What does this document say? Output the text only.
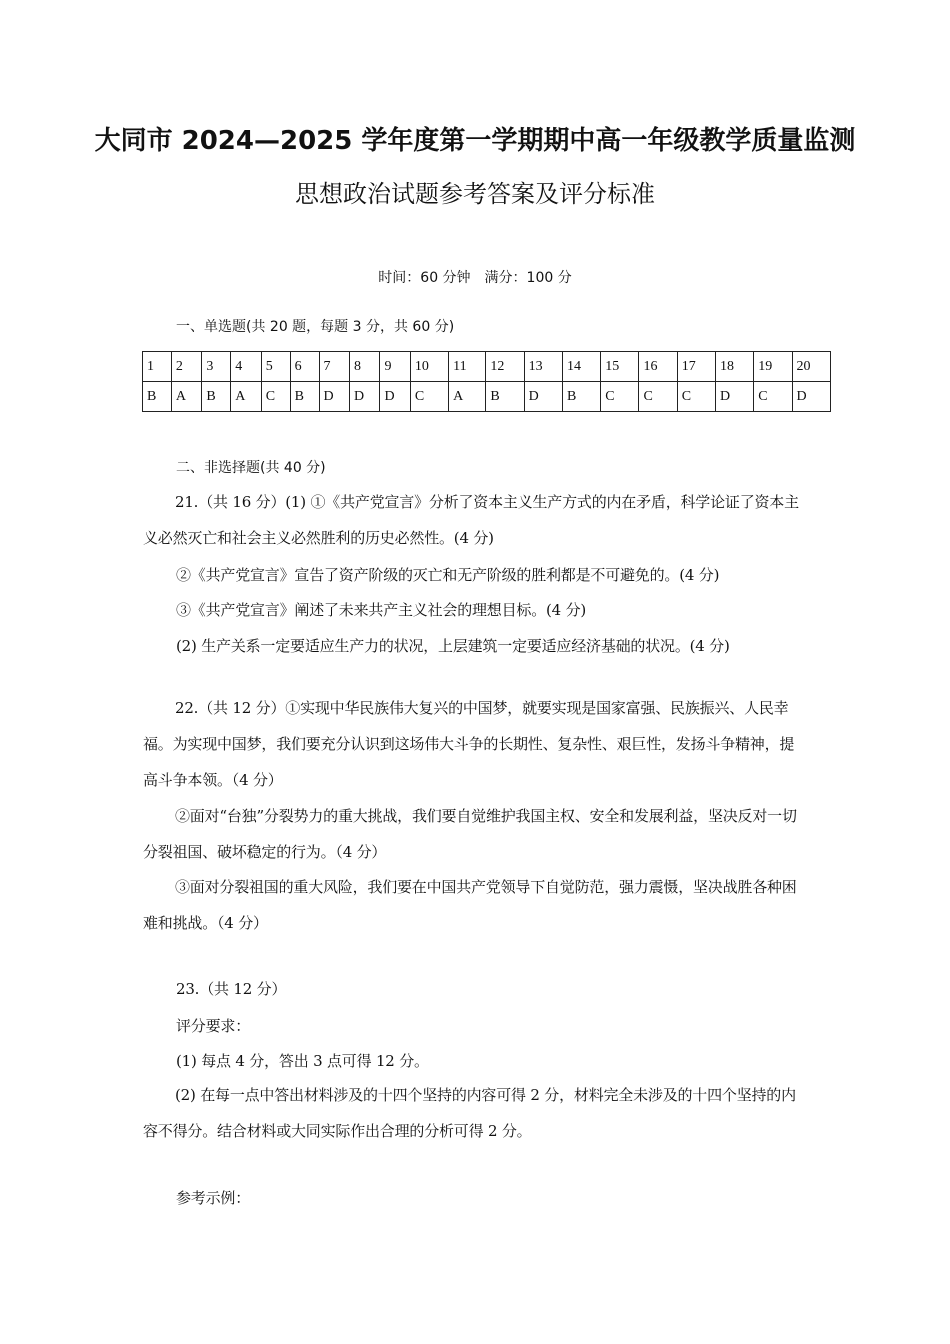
大同市 2024—2025 学年度第一学期期中高一年级教学质量监测
思想政治试题参考答案及评分标准
时间：60 分钟　满分：100 分
一、单选题(共 20 题，每题 3 分，共 60 分)
1	2	3	4	5	6	7	8	9	10	11	12	13	14	15	16	17	18	19	20
B	A	B	A	C	B	D	D	D	C	A	B	D	B	C	C	C	D	C	D
二、非选择题(共 40 分)
21.（共 16 分）(1) ①《共产党宣言》分析了资本主义生产方式的内在矛盾，科学论证了资本主义必然灭亡和社会主义必然胜利的历史必然性。(4 分)
②《共产党宣言》宣告了资产阶级的灭亡和无产阶级的胜利都是不可避免的。(4 分)
③《共产党宣言》阐述了未来共产主义社会的理想目标。(4 分)
(2) 生产关系一定要适应生产力的状况，上层建筑一定要适应经济基础的状况。(4 分)
22.（共 12 分）①实现中华民族伟大复兴的中国梦，就要实现是国家富强、民族振兴、人民幸福。为实现中国梦，我们要充分认识到这场伟大斗争的长期性、复杂性、艰巨性，发扬斗争精神，提高斗争本领。（4 分）
②面对“台独”分裂势力的重大挑战，我们要自觉维护我国主权、安全和发展利益，坚决反对一切分裂祖国、破坏稳定的行为。（4 分）
③面对分裂祖国的重大风险，我们要在中国共产党领导下自觉防范，强力震慑，坚决战胜各种困难和挑战。（4 分）
23.（共 12 分）
评分要求：
(1) 每点 4 分，答出 3 点可得 12 分。
(2) 在每一点中答出材料涉及的十四个坚持的内容可得 2 分，材料完全未涉及的十四个坚持的内容不得分。结合材料或大同实际作出合理的分析可得 2 分。
参考示例：
